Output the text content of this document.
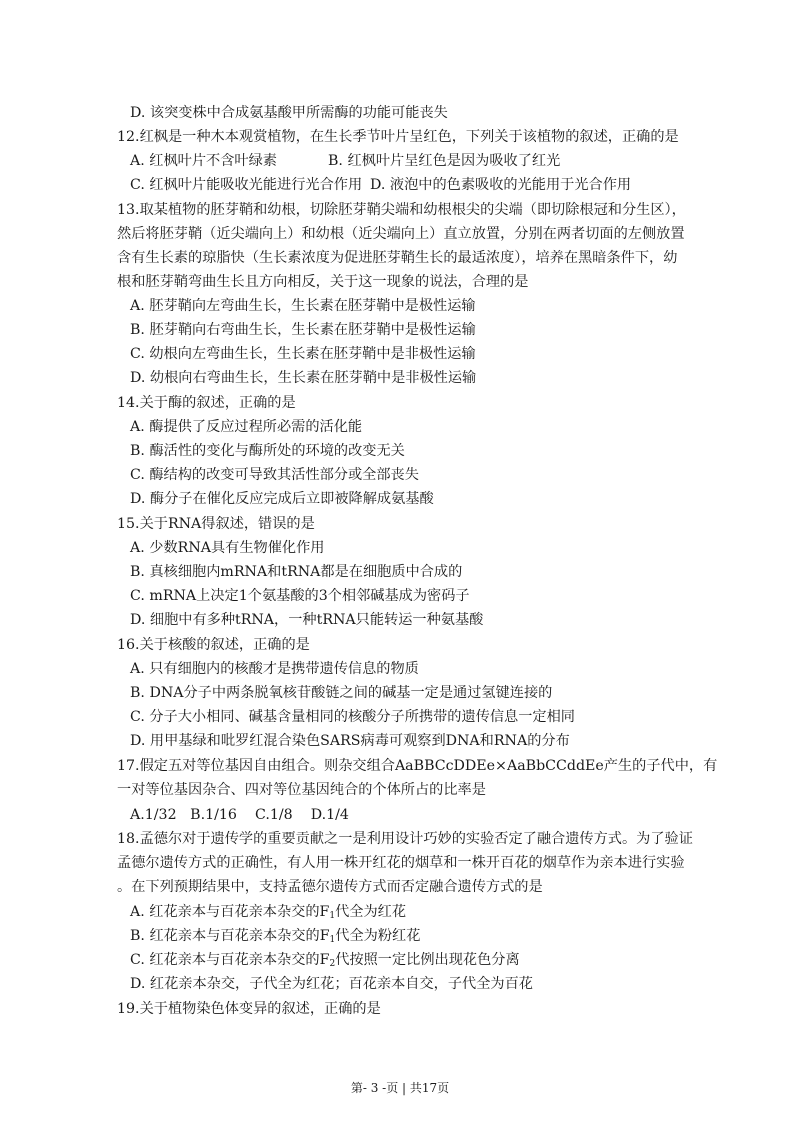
D. 该突变株中合成氨基酸甲所需酶的功能可能丧失
12.红枫是一种木本观赏植物，在生长季节叶片呈红色，下列关于该植物的叙述，正确的是
A. 红枫叶片不含叶绿素	B. 红枫叶片呈红色是因为吸收了红光
C. 红枫叶片能吸收光能进行光合作用 D. 液泡中的色素吸收的光能用于光合作用
13.取某植物的胚芽鞘和幼根，切除胚芽鞘尖端和幼根根尖的尖端（即切除根冠和分生区），
然后将胚芽鞘（近尖端向上）和幼根（近尖端向上）直立放置，分别在两者切面的左侧放置
含有生长素的琼脂快（生长素浓度为促进胚芽鞘生长的最适浓度），培养在黑暗条件下，幼
根和胚芽鞘弯曲生长且方向相反，关于这一现象的说法，合理的是
A. 胚芽鞘向左弯曲生长，生长素在胚芽鞘中是极性运输
B. 胚芽鞘向右弯曲生长，生长素在胚芽鞘中是极性运输
C. 幼根向左弯曲生长，生长素在胚芽鞘中是非极性运输
D. 幼根向右弯曲生长，生长素在胚芽鞘中是非极性运输
14.关于酶的叙述，正确的是
A. 酶提供了反应过程所必需的活化能
B. 酶活性的变化与酶所处的环境的改变无关
C. 酶结构的改变可导致其活性部分或全部丧失
D. 酶分子在催化反应完成后立即被降解成氨基酸
15.关于RNA得叙述，错误的是
A. 少数RNA具有生物催化作用
B. 真核细胞内mRNA和tRNA都是在细胞质中合成的
C. mRNA上决定1个氨基酸的3个相邻碱基成为密码子
D. 细胞中有多种tRNA，一种tRNA只能转运一种氨基酸
16.关于核酸的叙述，正确的是
A. 只有细胞内的核酸才是携带遗传信息的物质
B. DNA分子中两条脱氧核苷酸链之间的碱基一定是通过氢键连接的
C. 分子大小相同、碱基含量相同的核酸分子所携带的遗传信息一定相同
D. 用甲基绿和吡罗红混合染色SARS病毒可观察到DNA和RNA的分布
17.假定五对等位基因自由组合。则杂交组合AaBBCcDDEe×AaBbCCddEe产生的子代中，有
一对等位基因杂合、四对等位基因纯合的个体所占的比率是
A.1/32   B.1/16    C.1/8    D.1/4
18.孟德尔对于遗传学的重要贡献之一是利用设计巧妙的实验否定了融合遗传方式。为了验证
孟德尔遗传方式的正确性，有人用一株开红花的烟草和一株开百花的烟草作为亲本进行实验
。在下列预期结果中，支持孟德尔遗传方式而否定融合遗传方式的是
A. 红花亲本与百花亲本杂交的$F_1$代全为红花
B. 红花亲本与百花亲本杂交的$F_1$代全为粉红花
C. 红花亲本与百花亲本杂交的$F_2$代按照一定比例出现花色分离
D. 红花亲本杂交，子代全为红花；百花亲本自交，子代全为百花
19.关于植物染色体变异的叙述，正确的是
第- 3 -页 | 共17页
